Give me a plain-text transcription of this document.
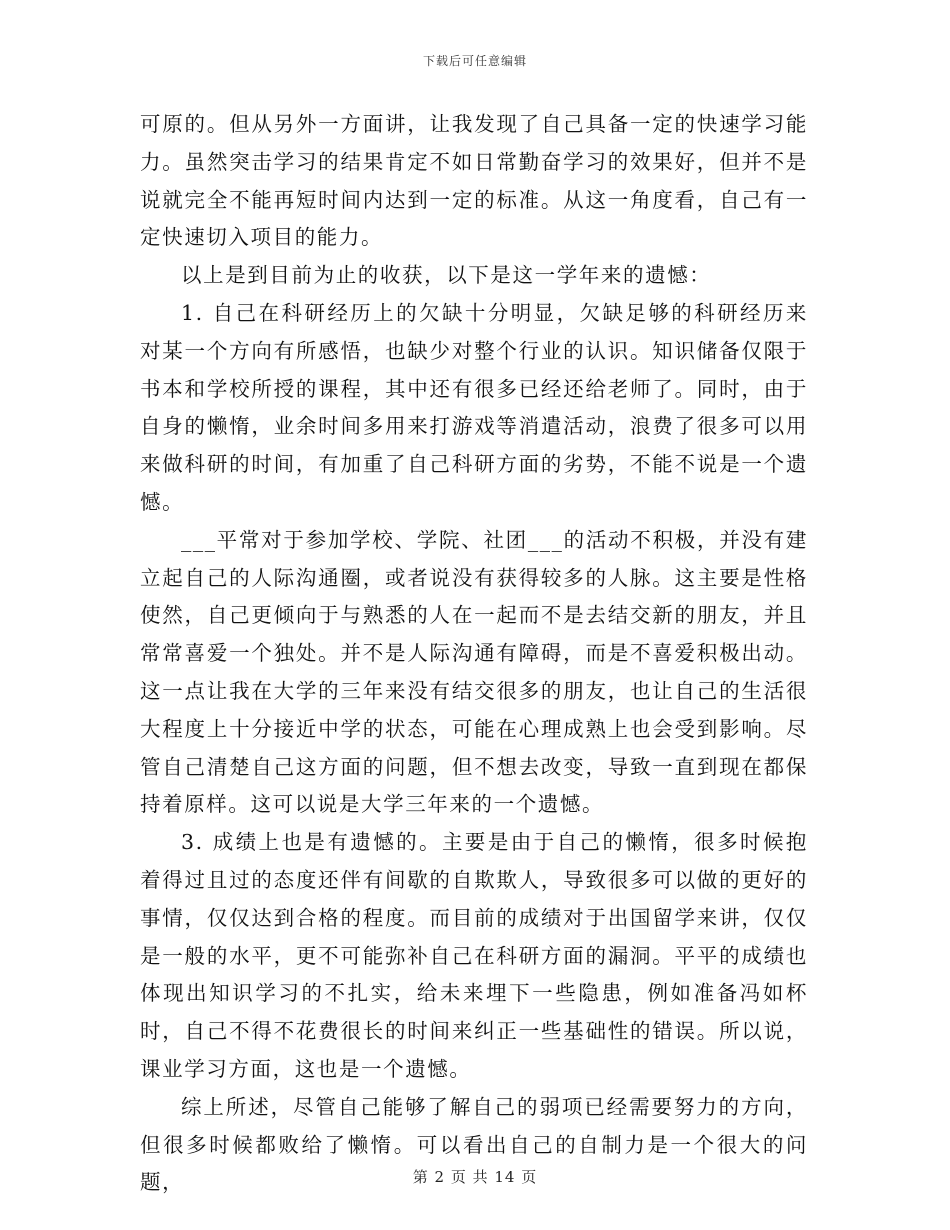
下载后可任意编辑

可原的。但从另外一方面讲，让我发现了自己具备一定的快速学习能力。虽然突击学习的结果肯定不如日常勤奋学习的效果好，但并不是说就完全不能再短时间内达到一定的标准。从这一角度看，自己有一定快速切入项目的能力。

以上是到目前为止的收获，以下是这一学年来的遗憾：

1. 自己在科研经历上的欠缺十分明显，欠缺足够的科研经历来对某一个方向有所感悟，也缺少对整个行业的认识。知识储备仅限于书本和学校所授的课程，其中还有很多已经还给老师了。同时，由于自身的懒惰，业余时间多用来打游戏等消遣活动，浪费了很多可以用来做科研的时间，有加重了自己科研方面的劣势，不能不说是一个遗憾。

___平常对于参加学校、学院、社团___的活动不积极，并没有建立起自己的人际沟通圈，或者说没有获得较多的人脉。这主要是性格使然，自己更倾向于与熟悉的人在一起而不是去结交新的朋友，并且常常喜爱一个独处。并不是人际沟通有障碍，而是不喜爱积极出动。这一点让我在大学的三年来没有结交很多的朋友，也让自己的生活很大程度上十分接近中学的状态，可能在心理成熟上也会受到影响。尽管自己清楚自己这方面的问题，但不想去改变，导致一直到现在都保持着原样。这可以说是大学三年来的一个遗憾。

3. 成绩上也是有遗憾的。主要是由于自己的懒惰，很多时候抱着得过且过的态度还伴有间歇的自欺欺人，导致很多可以做的更好的事情，仅仅达到合格的程度。而目前的成绩对于出国留学来讲，仅仅是一般的水平，更不可能弥补自己在科研方面的漏洞。平平的成绩也体现出知识学习的不扎实，给未来埋下一些隐患，例如准备冯如杯时，自己不得不花费很长的时间来纠正一些基础性的错误。所以说，课业学习方面，这也是一个遗憾。

综上所述，尽管自己能够了解自己的弱项已经需要努力的方向，但很多时候都败给了懒惰。可以看出自己的自制力是一个很大的问题，	第 2 页 共 14 页
